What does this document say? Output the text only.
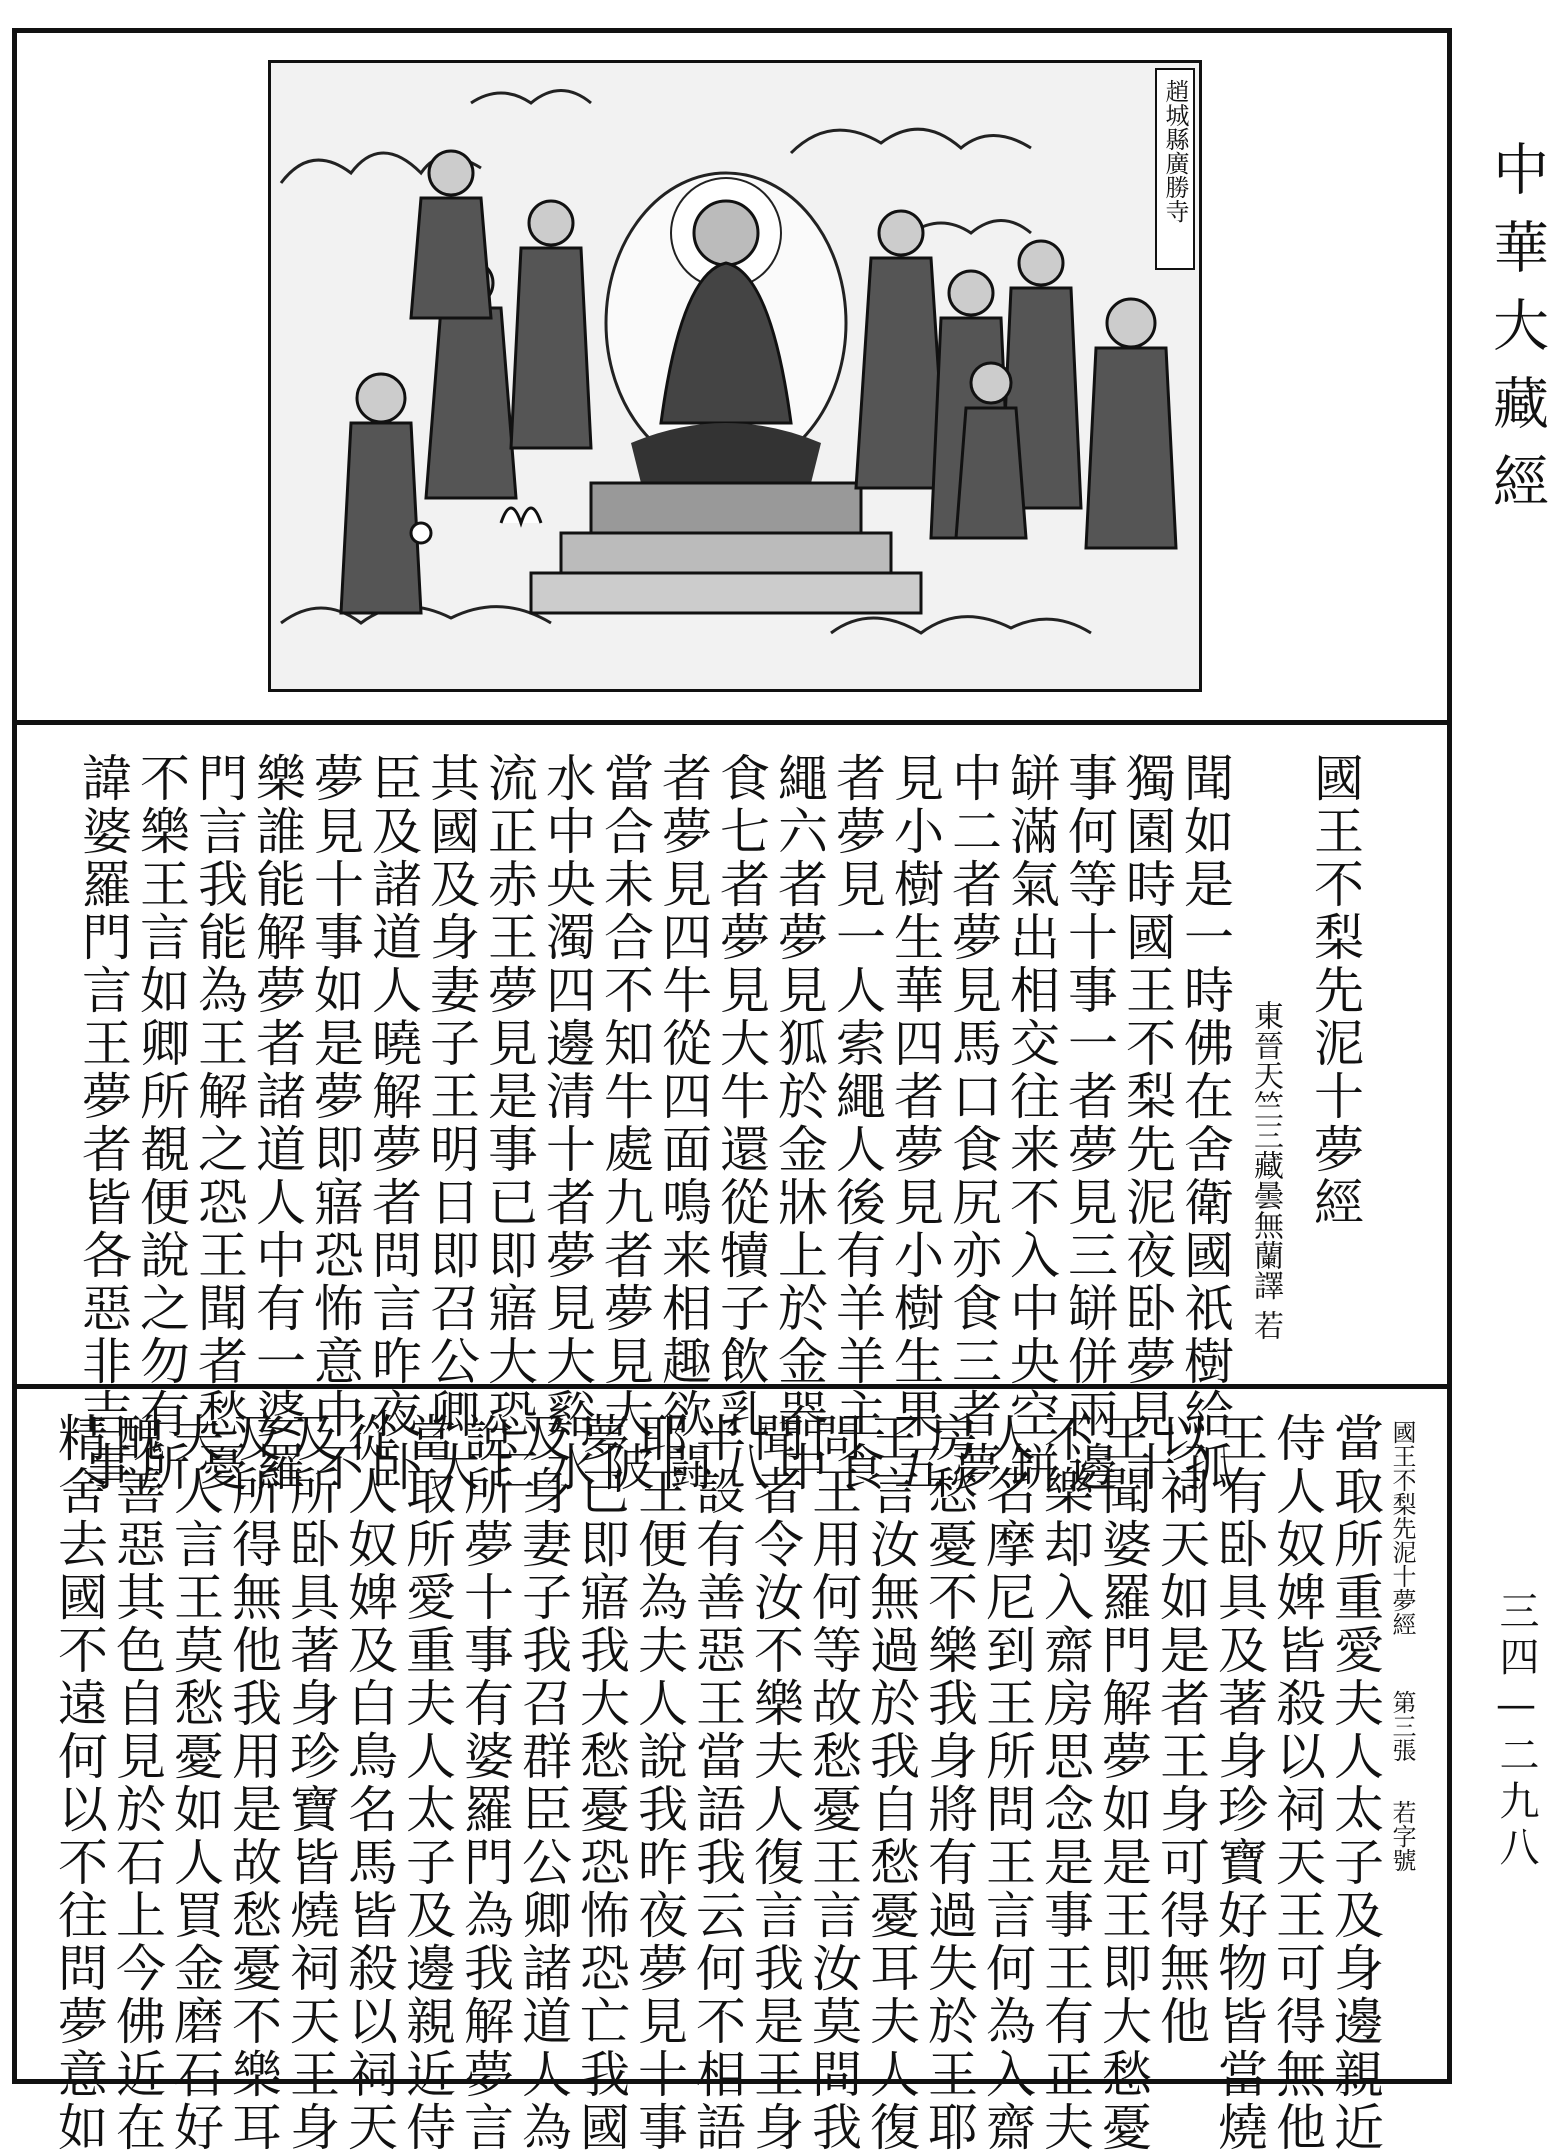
趙城縣廣勝寺	中華大藏經
三四—二九八
國王不梨先泥十夢經
東晉天竺三藏曇無蘭譯
若
聞如是一時佛在舍衛國祇樹給孤
獨園時國王不梨先泥夜卧夢見十
事何等十事一者夢見三缾併兩邊
缾滿氣出相交往来不入中央空缾
中二者夢見馬口食尻亦食三者夢
見小樹生華四者夢見小樹生果五
者夢見一人索繩人後有羊羊主食
繩六者夢見狐於金牀上於金器中
食七者夢見大牛還從犢子飲乳八
者夢見四牛從四面鳴来相趣欲闘
當合未合不知牛處九者夢見大陂
水中央濁四邊清十者夢見大谿水
流正赤王夢見是事已即寤大恐亡
其國及身妻子王明日即召公卿大
臣及諸道人曉解夢者問言昨夜卧
夢見十事如是夢即寤恐怖意中不
樂誰能解夢者諸道人中有一婆羅
門言我能為王解之恐王聞者愁憂
不樂王言如卿所覩便說之勿有所
諱婆羅門言王夢者皆各惡非吉事
國王不梨先泥十夢經
第三張
若字號
當取所重愛夫人太子及身邊親近
侍人奴婢皆殺以祠天王可得無他
王有卧具及著身珍寶好物皆當燒
以祠天如是者王身可得無他
王聞婆羅門解夢如是王即大愁憂
不樂却入齋房思念是事王有正夫
人名摩尼到王所問王言何為入齋
房愁憂不樂我身將有過失於王耶
王言汝無過於我自愁憂耳夫人復
問王用何等故愁憂王言汝莫問我
聞者令汝不樂夫人復言我是王身
半設有善惡王當語我云何不相語
耶王便為夫人說我昨夜夢見十事
夢已即寤我大愁憂恐怖恐亡我國
及身妻子我召群臣公卿諸道人為
說所夢十事有婆羅門為我解夢言
當取所愛重夫人太子及邊親近侍
從人奴婢及白鳥名馬皆殺以祠天
及所卧具著身珍寶皆燒祠天王身
及所得無他我用是故愁憂不樂耳
夫人言王莫愁憂如人買金磨石好
醜善惡其色自見於石上今佛近在
精舍去國不遠何以不往問夢意如
